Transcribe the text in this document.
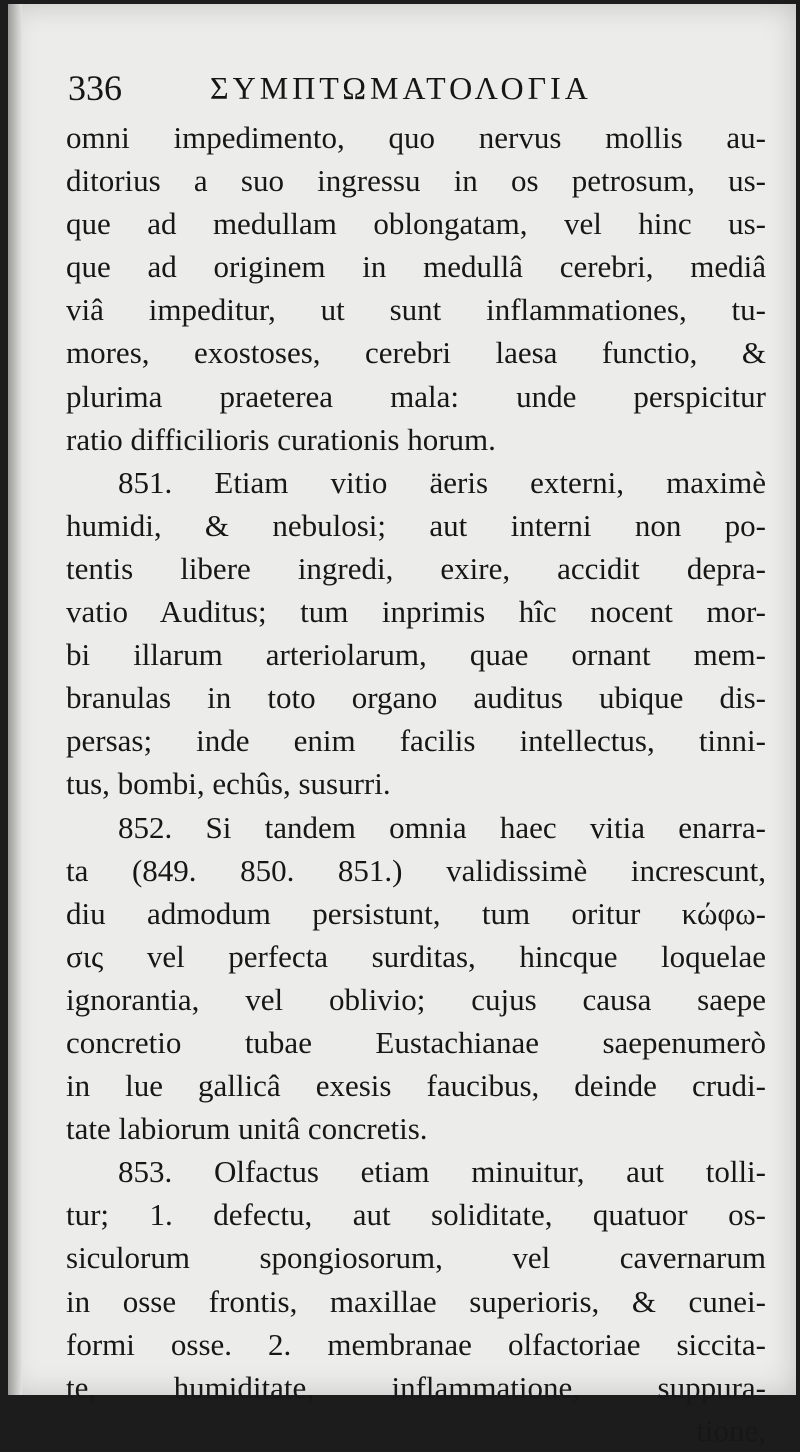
336	ΣΥΜΠΤΩΜΑΤΟΛΟΓΙΑ
omni impedimento, quo nervus mollis au-
ditorius a suo ingressu in os petrosum, us-
que ad medullam oblongatam, vel hinc us-
que ad originem in medullâ cerebri, mediâ
viâ impeditur, ut sunt inflammationes, tu-
mores, exostoses, cerebri laesa functio, &
plurima praeterea mala: unde perspicitur
ratio difficilioris curationis horum.
851. Etiam vitio äeris externi, maximè
humidi, & nebulosi; aut interni non po-
tentis libere ingredi, exire, accidit depra-
vatio Auditus; tum inprimis hîc nocent mor-
bi illarum arteriolarum, quae ornant mem-
branulas in toto organo auditus ubique dis-
persas; inde enim facilis intellectus, tinni-
tus, bombi, echûs, susurri.
852. Si tandem omnia haec vitia enarra-
ta (849. 850. 851.) validissimè increscunt,
diu admodum persistunt, tum oritur κώφω-
σις vel perfecta surditas, hincque loquelae
ignorantia, vel oblivio; cujus causa saepe
concretio tubae Eustachianae saepenumerò
in lue gallicâ exesis faucibus, deinde crudi-
tate labiorum unitâ concretis.
853. Olfactus etiam minuitur, aut tolli-
tur; 1. defectu, aut soliditate, quatuor os-
siculorum spongiosorum, vel cavernarum
in osse frontis, maxillae superioris, & cunei-
formi osse. 2. membranae olfactoriae siccita-
te, humiditate, inflammatione, suppura-
tione,
